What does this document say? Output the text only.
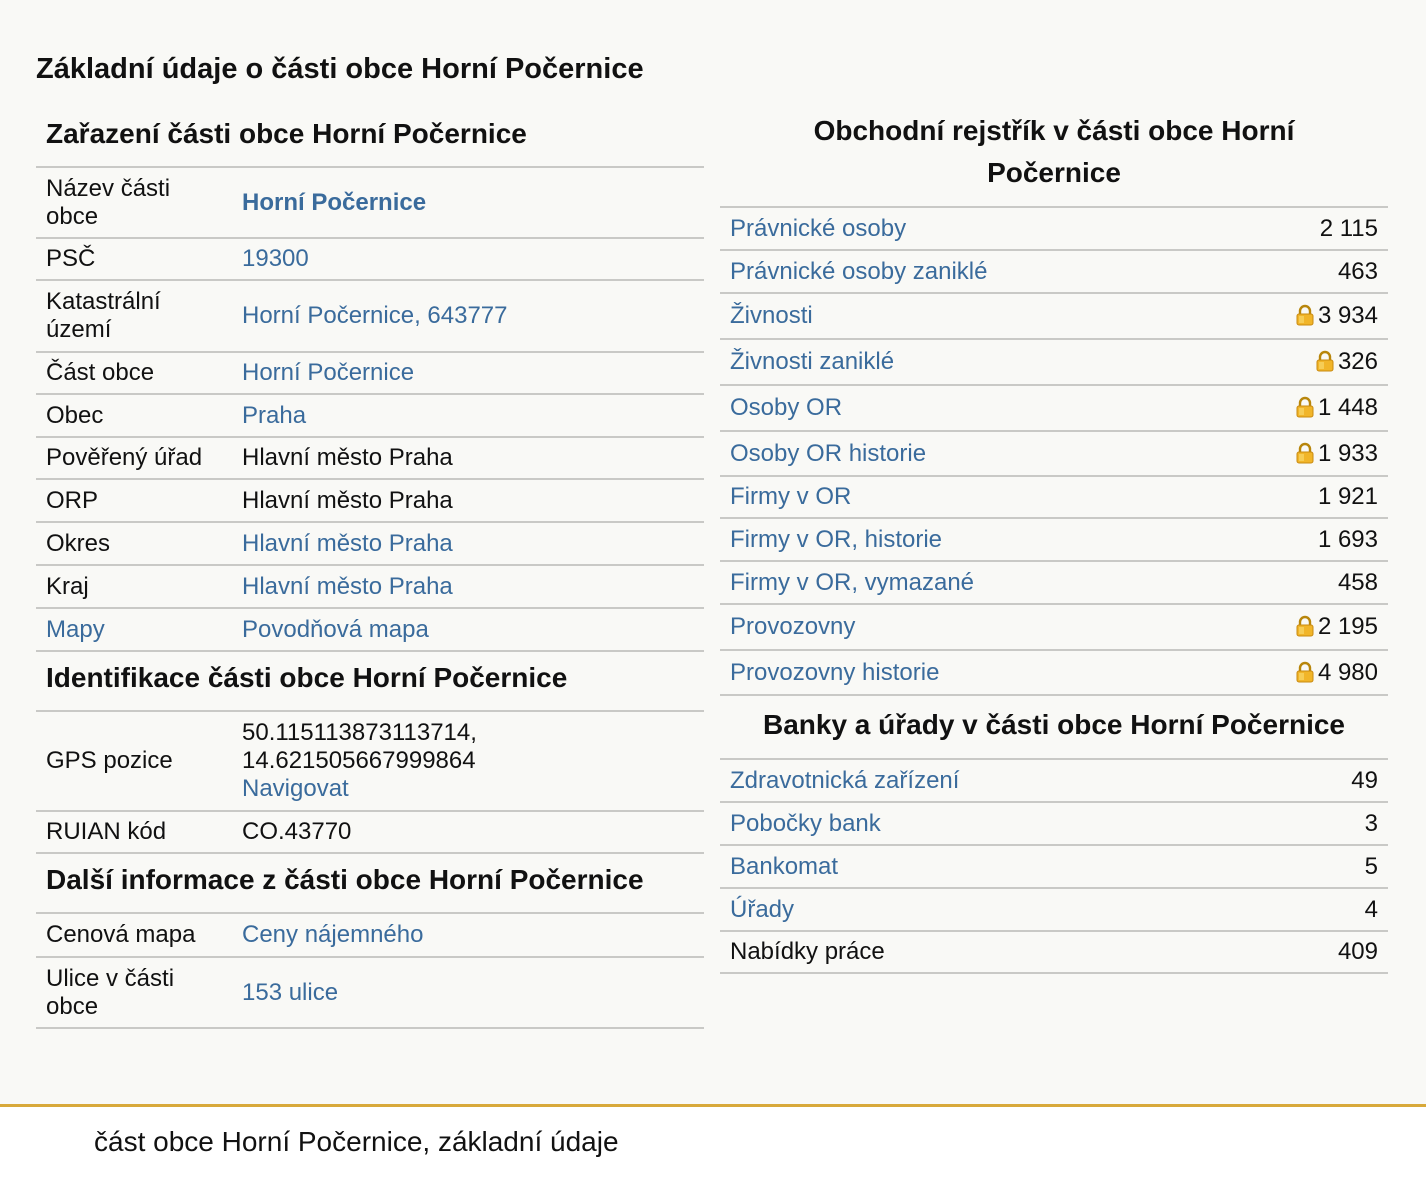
Základní údaje o části obce Horní Počernice
Zařazení části obce Horní Počernice
Název části obce	Horní Počernice
PSČ	19300
Katastrální území	Horní Počernice, 643777
Část obce	Horní Počernice
Obec	Praha
Pověřený úřad	Hlavní město Praha
ORP	Hlavní město Praha
Okres	Hlavní město Praha
Kraj	Hlavní město Praha
Mapy	Povodňová mapa
Identifikace části obce Horní Počernice
GPS pozice	50.115113873113714,
14.621505667999864
Navigovat
RUIAN kód	CO.43770
Další informace z části obce Horní Počernice
Cenová mapa	Ceny nájemného
Ulice v části obce	153 ulice
Obchodní rejstřík v části obce Horní Počernice
Právnické osoby	2 115
Právnické osoby zaniklé	463
Živnosti	3 934
Živnosti zaniklé	326
Osoby OR	1 448
Osoby OR historie	1 933
Firmy v OR	1 921
Firmy v OR, historie	1 693
Firmy v OR, vymazané	458
Provozovny	2 195
Provozovny historie	4 980
Banky a úřady v části obce Horní Počernice
Zdravotnická zařízení	49
Pobočky bank	3
Bankomat	5
Úřady	4
Nabídky práce	409
část obce Horní Počernice, základní údaje
